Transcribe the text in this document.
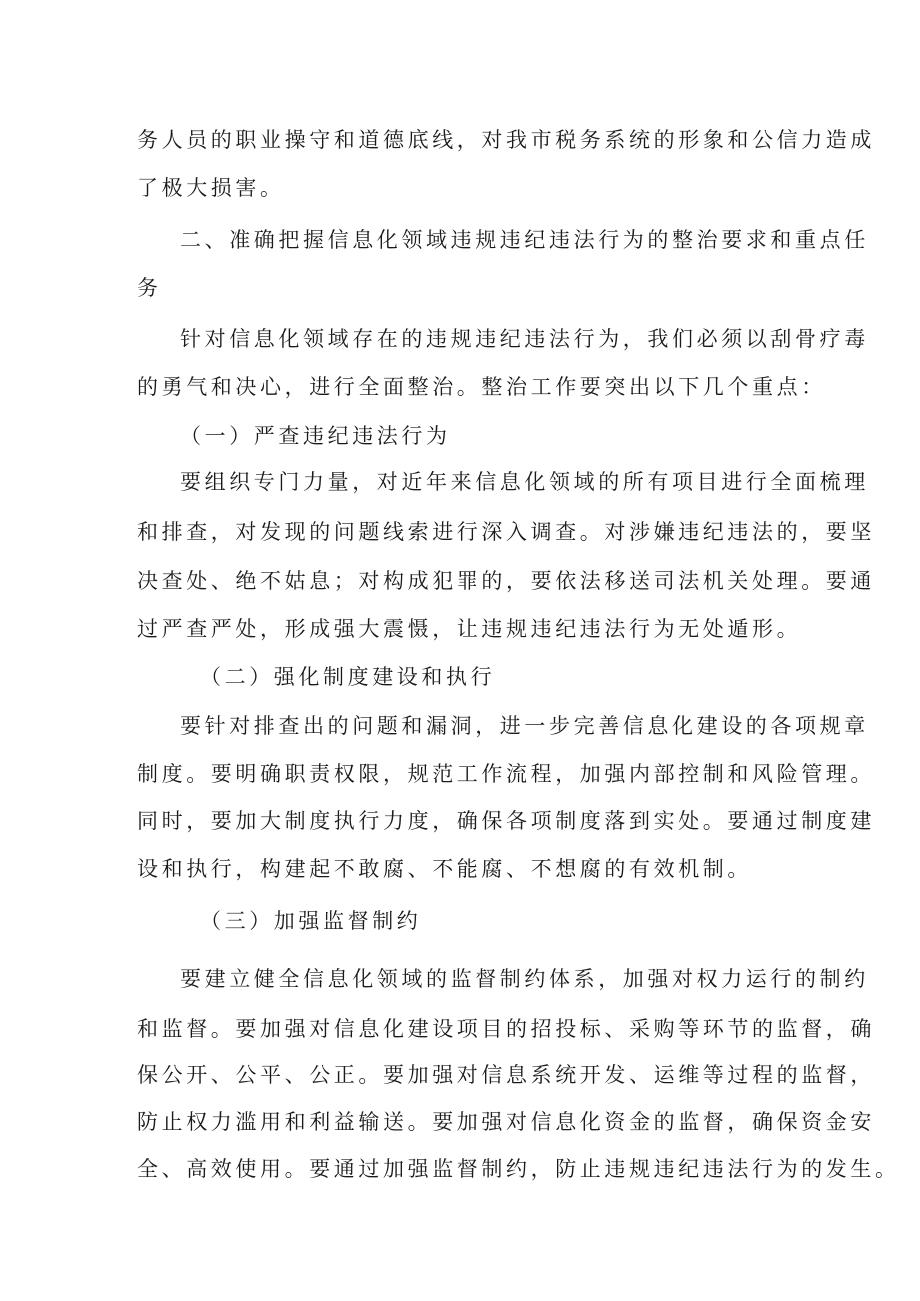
务人员的职业操守和道德底线，对我市税务系统的形象和公信力造成
了极大损害。
二、准确把握信息化领域违规违纪违法行为的整治要求和重点任
务
针对信息化领域存在的违规违纪违法行为，我们必须以刮骨疗毒
的勇气和决心，进行全面整治。整治工作要突出以下几个重点：
（一）严查违纪违法行为
要组织专门力量，对近年来信息化领域的所有项目进行全面梳理
和排查，对发现的问题线索进行深入调查。对涉嫌违纪违法的，要坚
决查处、绝不姑息；对构成犯罪的，要依法移送司法机关处理。要通
过严查严处，形成强大震慑，让违规违纪违法行为无处遁形。
（二）强化制度建设和执行
要针对排查出的问题和漏洞，进一步完善信息化建设的各项规章
制度。要明确职责权限，规范工作流程，加强内部控制和风险管理。
同时，要加大制度执行力度，确保各项制度落到实处。要通过制度建
设和执行，构建起不敢腐、不能腐、不想腐的有效机制。
（三）加强监督制约
要建立健全信息化领域的监督制约体系，加强对权力运行的制约
和监督。要加强对信息化建设项目的招投标、采购等环节的监督，确
保公开、公平、公正。要加强对信息系统开发、运维等过程的监督，
防止权力滥用和利益输送。要加强对信息化资金的监督，确保资金安
全、高效使用。要通过加强监督制约，防止违规违纪违法行为的发生。
